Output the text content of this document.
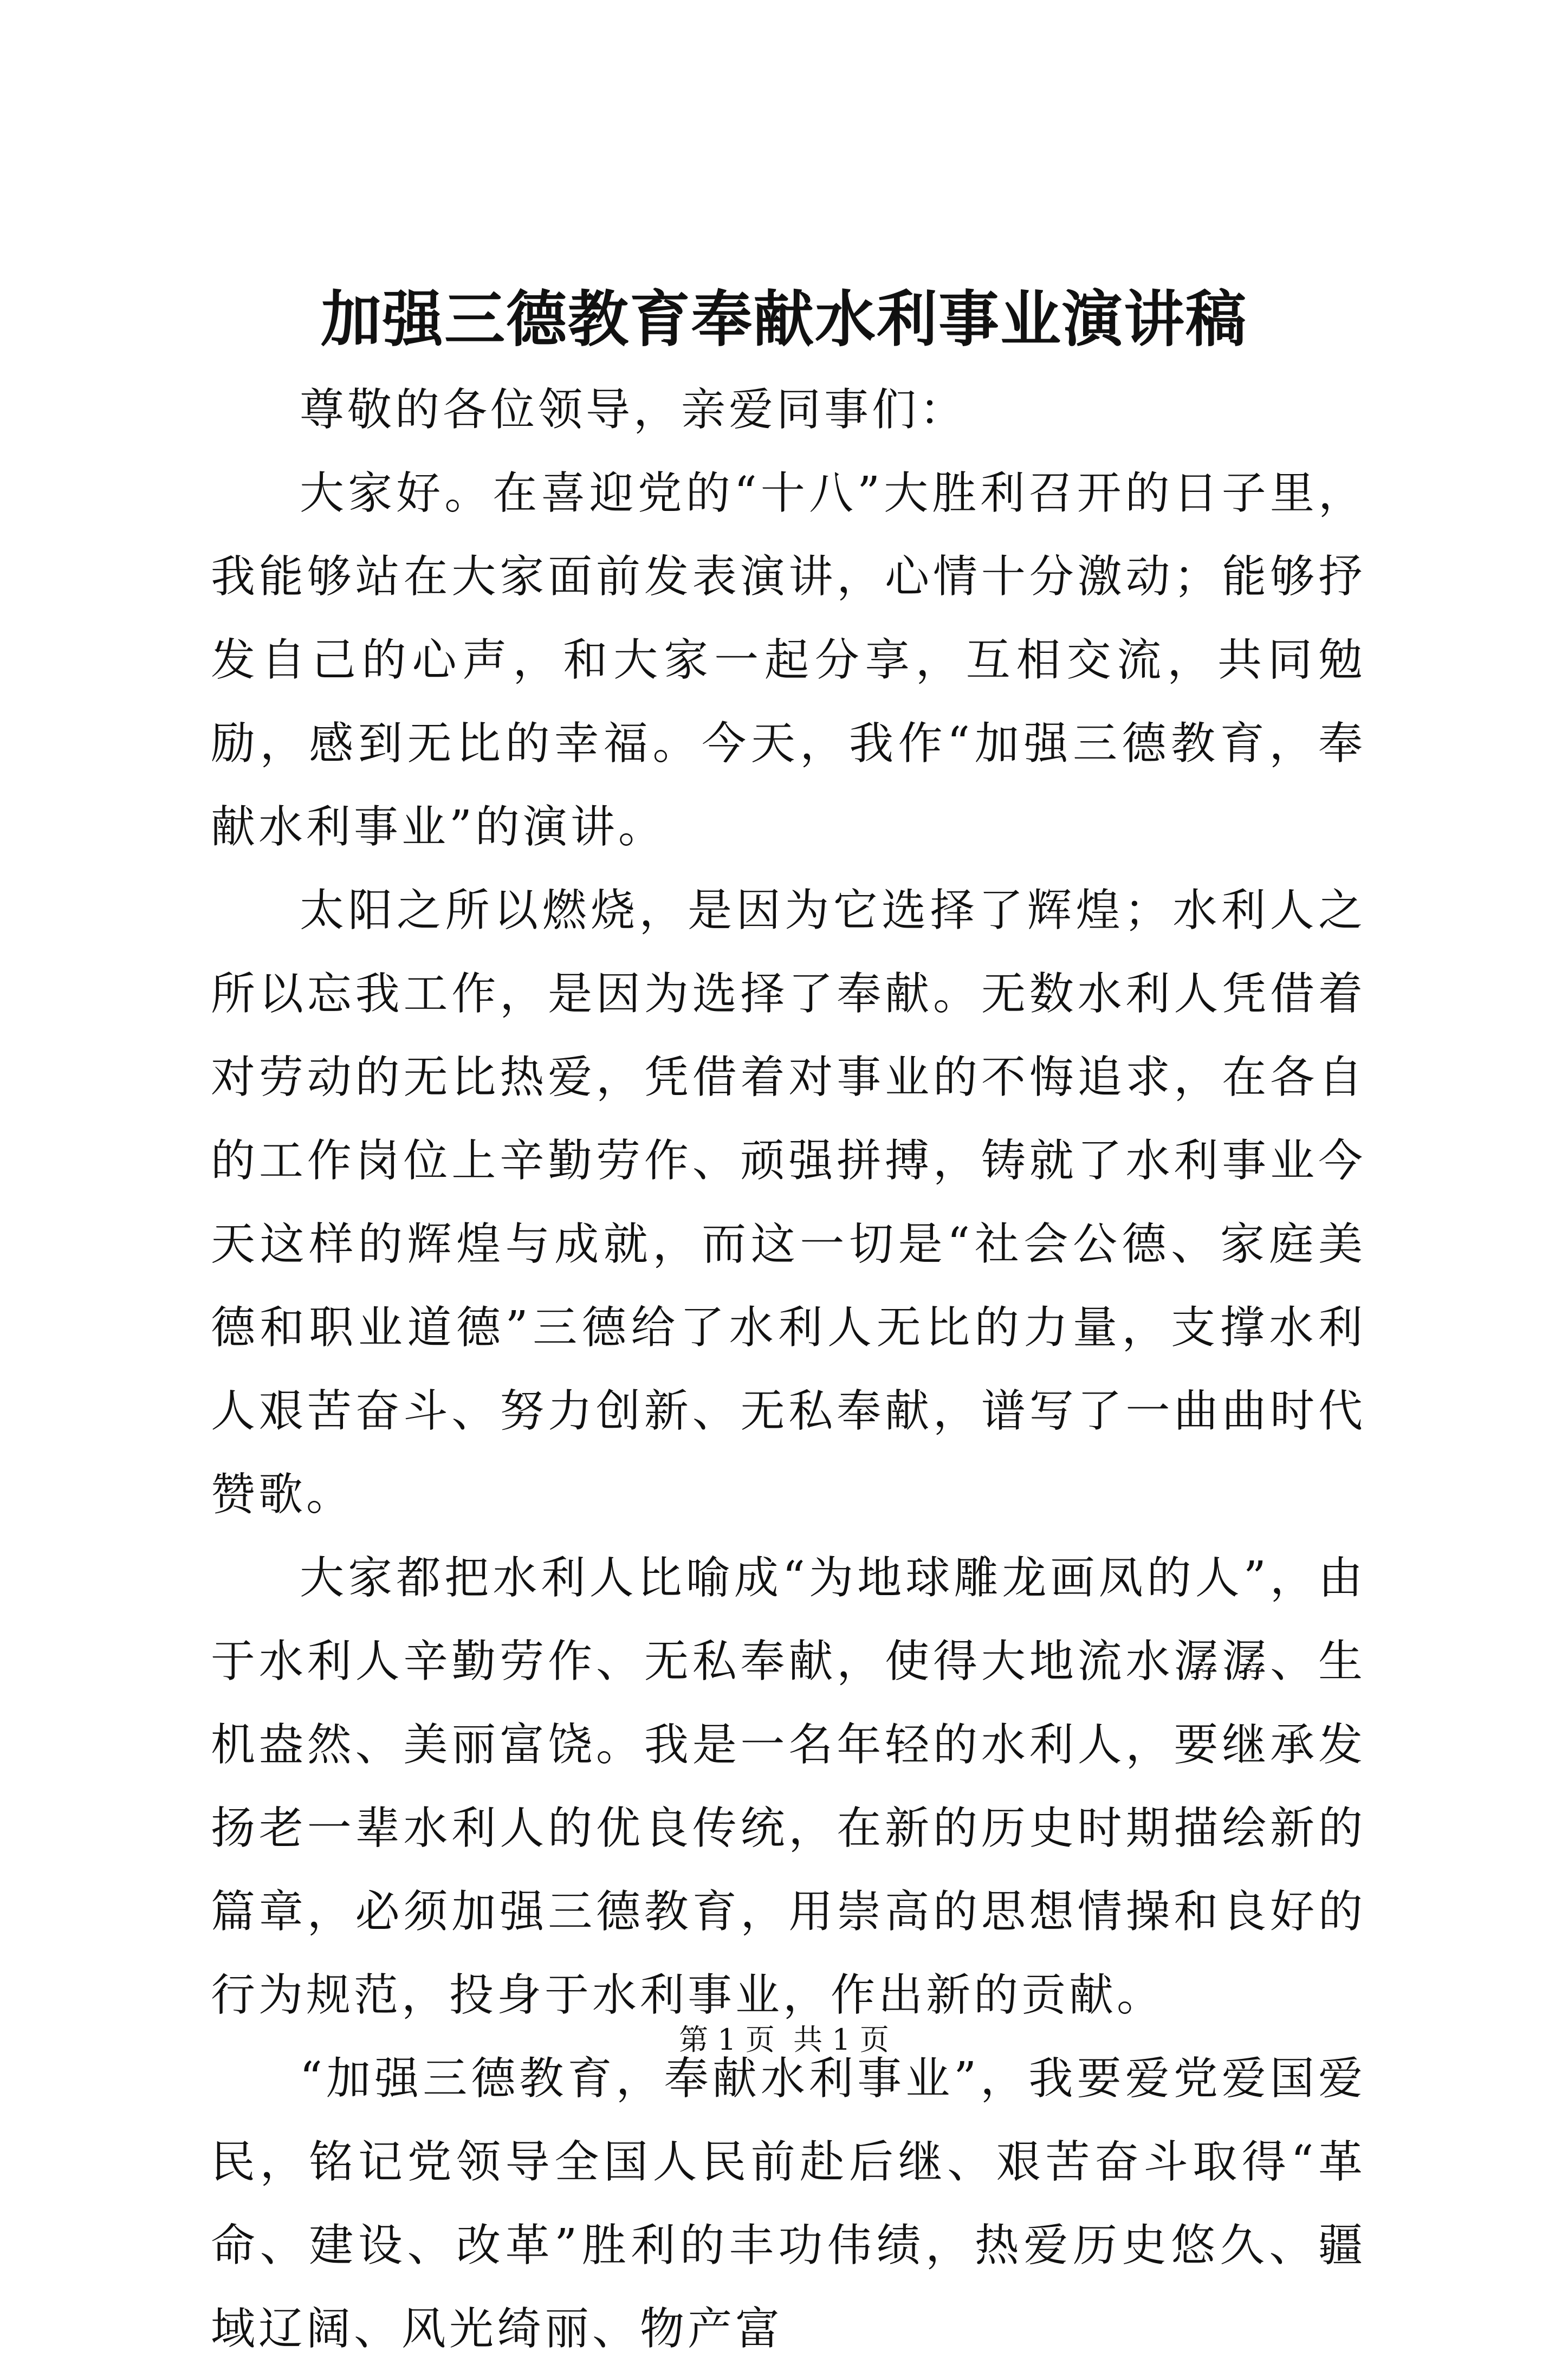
加强三德教育奉献水利事业演讲稿

尊敬的各位领导，亲爱同事们：

大家好。在喜迎党的“十八”大胜利召开的日子里，我能够站在大家面前发表演讲，心情十分激动；能够抒发自己的心声，和大家一起分享，互相交流，共同勉励，感到无比的幸福。今天，我作“加强三德教育，奉献水利事业”的演讲。

太阳之所以燃烧，是因为它选择了辉煌；水利人之所以忘我工作，是因为选择了奉献。无数水利人凭借着对劳动的无比热爱，凭借着对事业的不悔追求，在各自的工作岗位上辛勤劳作、顽强拼搏，铸就了水利事业今天这样的辉煌与成就，而这一切是“社会公德、家庭美德和职业道德”三德给了水利人无比的力量，支撑水利人艰苦奋斗、努力创新、无私奉献，谱写了一曲曲时代赞歌。

大家都把水利人比喻成“为地球雕龙画凤的人”，由于水利人辛勤劳作、无私奉献，使得大地流水潺潺、生机盎然、美丽富饶。我是一名年轻的水利人，要继承发扬老一辈水利人的优良传统，在新的历史时期描绘新的篇章，必须加强三德教育，用崇高的思想情操和良好的行为规范，投身于水利事业，作出新的贡献。

“加强三德教育，奉献水利事业”，我要爱党爱国爱民，铭记党领导全国人民前赴后继、艰苦奋斗取得“革命、建设、改革”胜利的丰功伟绩，热爱历史悠久、疆域辽阔、风光绮丽、物产富

第 1 页  共 1 页
